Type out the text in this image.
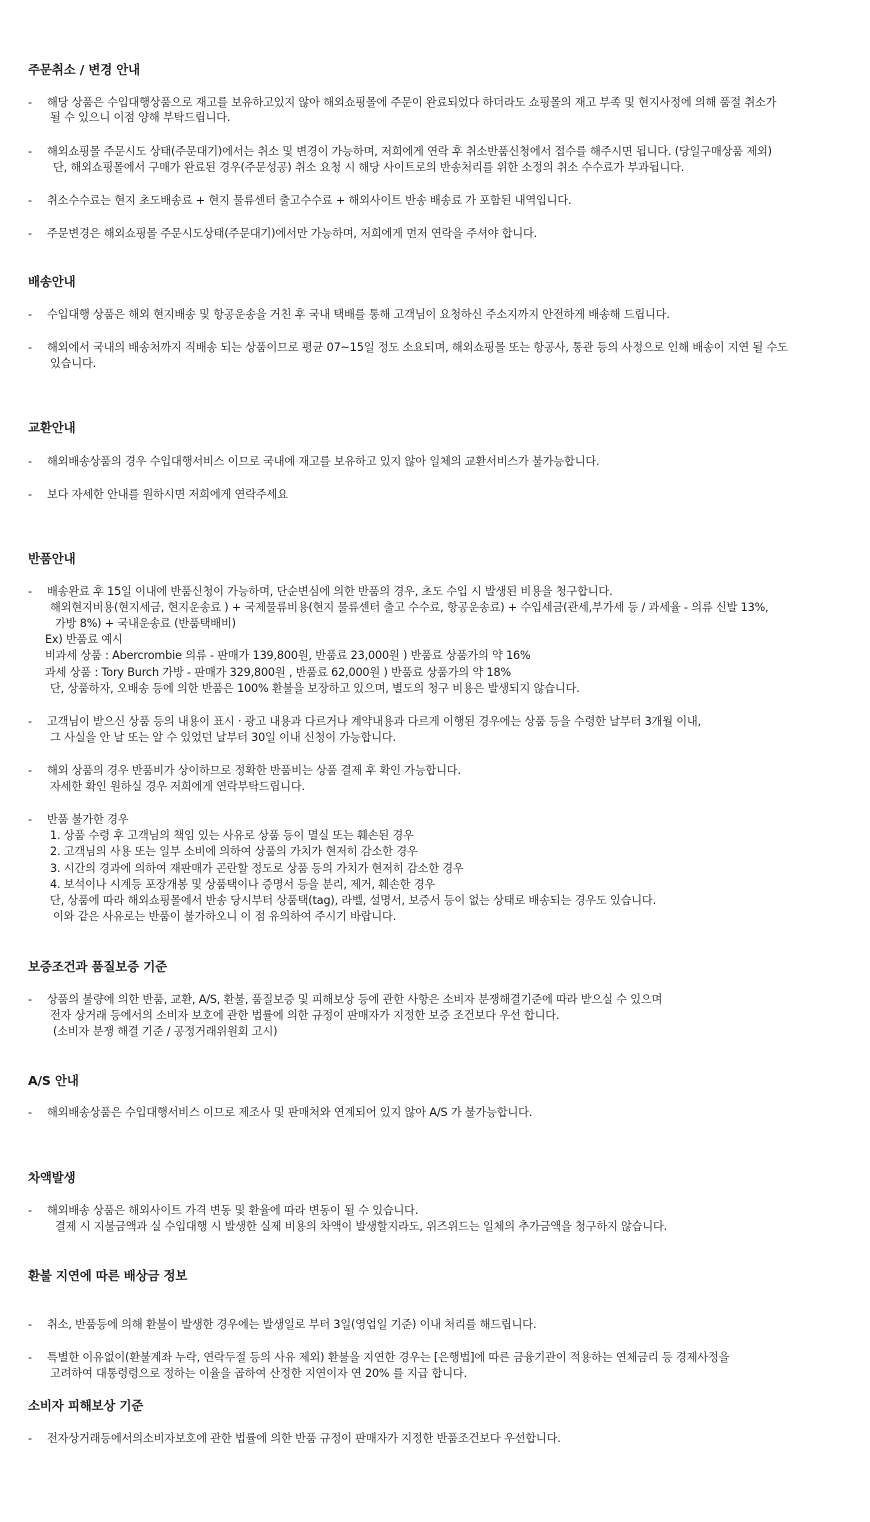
주문취소 / 변경 안내
- 해당 상품은 수입대행상품으로 재고를 보유하고있지 않아 해외쇼핑몰에 주문이 완료되었다 하더라도 쇼핑몰의 재고 부족 및 현지사정에 의해 품절 취소가
될 수 있으니 이점 양해 부탁드립니다.
- 해외쇼핑몰 주문시도 상태(주문대기)에서는 취소 및 변경이 가능하며, 저희에게 연락 후 취소반품신청에서 접수를 해주시면 됩니다. (당일구매상품 제외)
단, 해외쇼핑몰에서 구매가 완료된 경우(주문성공) 취소 요청 시 해당 사이트로의 반송처리를 위한 소정의 취소 수수료가 부과됩니다.
- 취소수수료는 현지 초도배송료 + 현지 물류센터 출고수수료 + 해외사이트 반송 배송료 가 포함된 내역입니다.
- 주문변경은 해외쇼핑몰 주문시도상태(주문대기)에서만 가능하며, 저희에게 먼저 연락을 주셔야 합니다.
배송안내
- 수입대행 상품은 해외 현지배송 및 항공운송을 거친 후 국내 택배를 통해 고객님이 요청하신 주소지까지 안전하게 배송해 드립니다.
- 해외에서 국내의 배송처까지 직배송 되는 상품이므로 평균 07~15일 정도 소요되며, 해외쇼핑몰 또는 항공사, 통관 등의 사정으로 인해 배송이 지연 될 수도
있습니다.
교환안내
- 해외배송상품의 경우 수입대행서비스 이므로 국내에 재고를 보유하고 있지 않아 일체의 교환서비스가 불가능합니다.
- 보다 자세한 안내를 원하시면 저희에게 연락주세요
반품안내
- 배송완료 후 15일 이내에 반품신청이 가능하며, 단순변심에 의한 반품의 경우, 초도 수입 시 발생된 비용을 청구합니다.
해외현지비용(현지세금, 현지운송료 ) + 국제물류비용(현지 물류센터 출고 수수료, 항공운송료) + 수입세금(관세,부가세 등 / 과세율 - 의류 신발 13%,
가방 8%) + 국내운송료 (반품택배비)
Ex) 반품료 예시
비과세 상품 : Abercrombie 의류 - 판매가 139,800원, 반품료 23,000원 ) 반품료 상품가의 약 16%
과세 상품 : Tory Burch 가방 - 판매가 329,800원 , 반품료 62,000원 ) 반품료 상품가의 약 18%
단, 상품하자, 오배송 등에 의한 반품은 100% 환불을 보장하고 있으며, 별도의 청구 비용은 발생되지 않습니다.
- 고객님이 받으신 상품 등의 내용이 표시 · 광고 내용과 다르거나 계약내용과 다르게 이행된 경우에는 상품 등을 수령한 날부터 3개월 이내,
그 사실을 안 날 또는 알 수 있었던 날부터 30일 이내 신청이 가능합니다.
- 해외 상품의 경우 반품비가 상이하므로 정확한 반품비는 상품 결제 후 확인 가능합니다.
자세한 확인 원하실 경우 저희에게 연락부탁드립니다.
- 반품 불가한 경우
1. 상품 수령 후 고객님의 책임 있는 사유로 상품 등이 멸실 또는 훼손된 경우
2. 고객님의 사용 또는 일부 소비에 의하여 상품의 가치가 현저히 감소한 경우
3. 시간의 경과에 의하여 재판매가 곤란할 정도로 상품 등의 가치가 현저히 감소한 경우
4. 보석이나 시계등 포장개봉 및 상품택이나 증명서 등을 분리, 제거, 훼손한 경우
단, 상품에 따라 해외쇼핑몰에서 반송 당시부터 상품택(tag), 라벨, 설명서, 보증서 등이 없는 상태로 배송되는 경우도 있습니다.
이와 같은 사유로는 반품이 불가하오니 이 점 유의하여 주시기 바랍니다.
보증조건과 품질보증 기준
- 상품의 불량에 의한 반품, 교환, A/S, 환불, 품질보증 및 피해보상 등에 관한 사항은 소비자 분쟁해결기준에 따라 받으실 수 있으며
전자 상거래 등에서의 소비자 보호에 관한 법률에 의한 규정이 판매자가 지정한 보증 조건보다 우선 합니다.
(소비자 분쟁 해결 기준 / 공정거래위원회 고시)
A/S 안내
- 해외배송상품은 수입대행서비스 이므로 제조사 및 판매처와 연계되어 있지 않아 A/S 가 불가능합니다.
차액발생
- 해외배송 상품은 해외사이트 가격 변동 및 환율에 따라 변동이 될 수 있습니다.
결제 시 지불금액과 실 수입대행 시 발생한 실제 비용의 차액이 발생할지라도, 위즈위드는 일체의 추가금액을 청구하지 않습니다.
환불 지연에 따른 배상금 정보
- 취소, 반품등에 의해 환불이 발생한 경우에는 발생일로 부터 3일(영업일 기준) 이내 처리를 해드립니다.
- 특별한 이유없이(환불계좌 누락, 연락두절 등의 사유 제외) 환불을 지연한 경우는 [은행법]에 따른 금융기관이 적용하는 연체금리 등 경제사정을
고려하여 대통령령으로 정하는 이율을 곱하여 산정한 지연이자 연 20% 를 지급 합니다.
소비자 피해보상 기준
- 전자상거래등에서의소비자보호에 관한 법률에 의한 반품 규정이 판매자가 지정한 반품조건보다 우선합니다.
